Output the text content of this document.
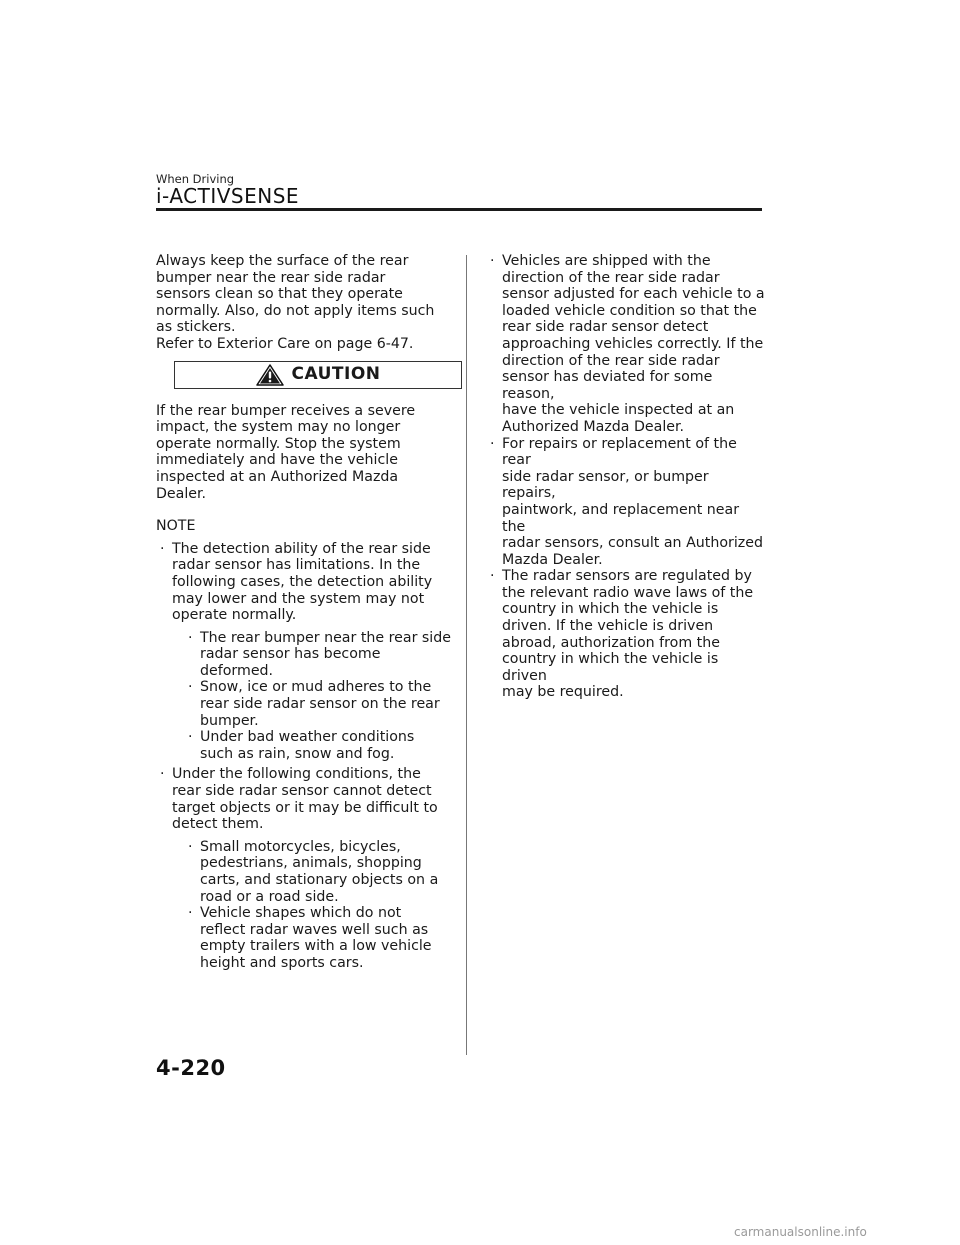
When Driving
i-ACTIVSENSE

Always keep the surface of the rear
bumper near the rear side radar
sensors clean so that they operate
normally. Also, do not apply items such
as stickers.
Refer to Exterior Care on page 6-47.

CAUTION

If the rear bumper receives a severe
impact, the system may no longer
operate normally. Stop the system
immediately and have the vehicle
inspected at an Authorized Mazda
Dealer.

NOTE

· The detection ability of the rear side
radar sensor has limitations. In the
following cases, the detection ability
may lower and the system may not
operate normally.
· The rear bumper near the rear side
radar sensor has become
deformed.
· Snow, ice or mud adheres to the
rear side radar sensor on the rear
bumper.
· Under bad weather conditions
such as rain, snow and fog.
· Under the following conditions, the
rear side radar sensor cannot detect
target objects or it may be difficult to
detect them.
· Small motorcycles, bicycles,
pedestrians, animals, shopping
carts, and stationary objects on a
road or a road side.
· Vehicle shapes which do not
reflect radar waves well such as
empty trailers with a low vehicle
height and sports cars.
· Vehicles are shipped with the
direction of the rear side radar
sensor adjusted for each vehicle to a
loaded vehicle condition so that the
rear side radar sensor detect
approaching vehicles correctly. If the
direction of the rear side radar
sensor has deviated for some reason,
have the vehicle inspected at an
Authorized Mazda Dealer.
· For repairs or replacement of the rear
side radar sensor, or bumper repairs,
paintwork, and replacement near the
radar sensors, consult an Authorized
Mazda Dealer.
· The radar sensors are regulated by
the relevant radio wave laws of the
country in which the vehicle is
driven. If the vehicle is driven
abroad, authorization from the
country in which the vehicle is driven
may be required.
4-220
carmanualsonline.info
